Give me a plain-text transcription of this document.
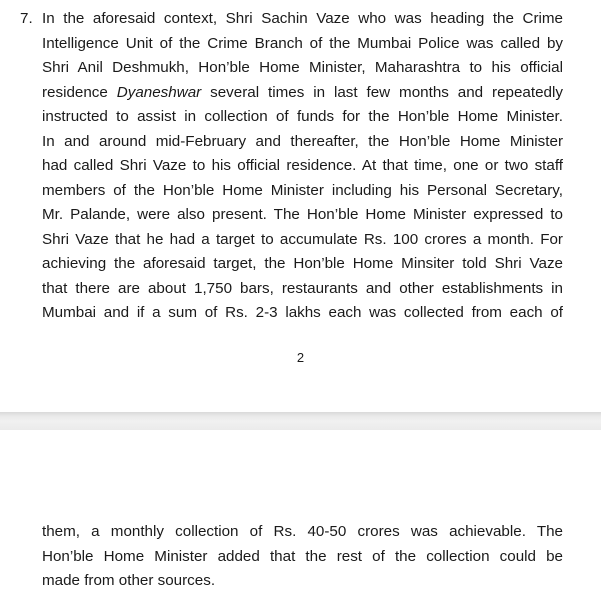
7. In the aforesaid context, Shri Sachin Vaze who was heading the Crime
Intelligence Unit of the Crime Branch of the Mumbai Police was called by
Shri Anil Deshmukh, Hon’ble Home Minister, Maharashtra to his official
residence Dyaneshwar several times in last few months and repeatedly
instructed to assist in collection of funds for the Hon’ble Home Minister.
In and around mid-February and thereafter, the Hon’ble Home Minister
had called Shri Vaze to his official residence. At that time, one or two staff
members of the Hon’ble Home Minister including his Personal Secretary,
Mr. Palande, were also present. The Hon’ble Home Minister expressed to
Shri Vaze that he had a target to accumulate Rs. 100 crores a month. For
achieving the aforesaid target, the Hon’ble Home Minsiter told Shri Vaze
that there are about 1,750 bars, restaurants and other establishments in
Mumbai and if a sum of Rs. 2-3 lakhs each was collected from each of
2
them, a monthly collection of Rs. 40-50 crores was achievable. The
Hon’ble Home Minister added that the rest of the collection could be
made from other sources.
